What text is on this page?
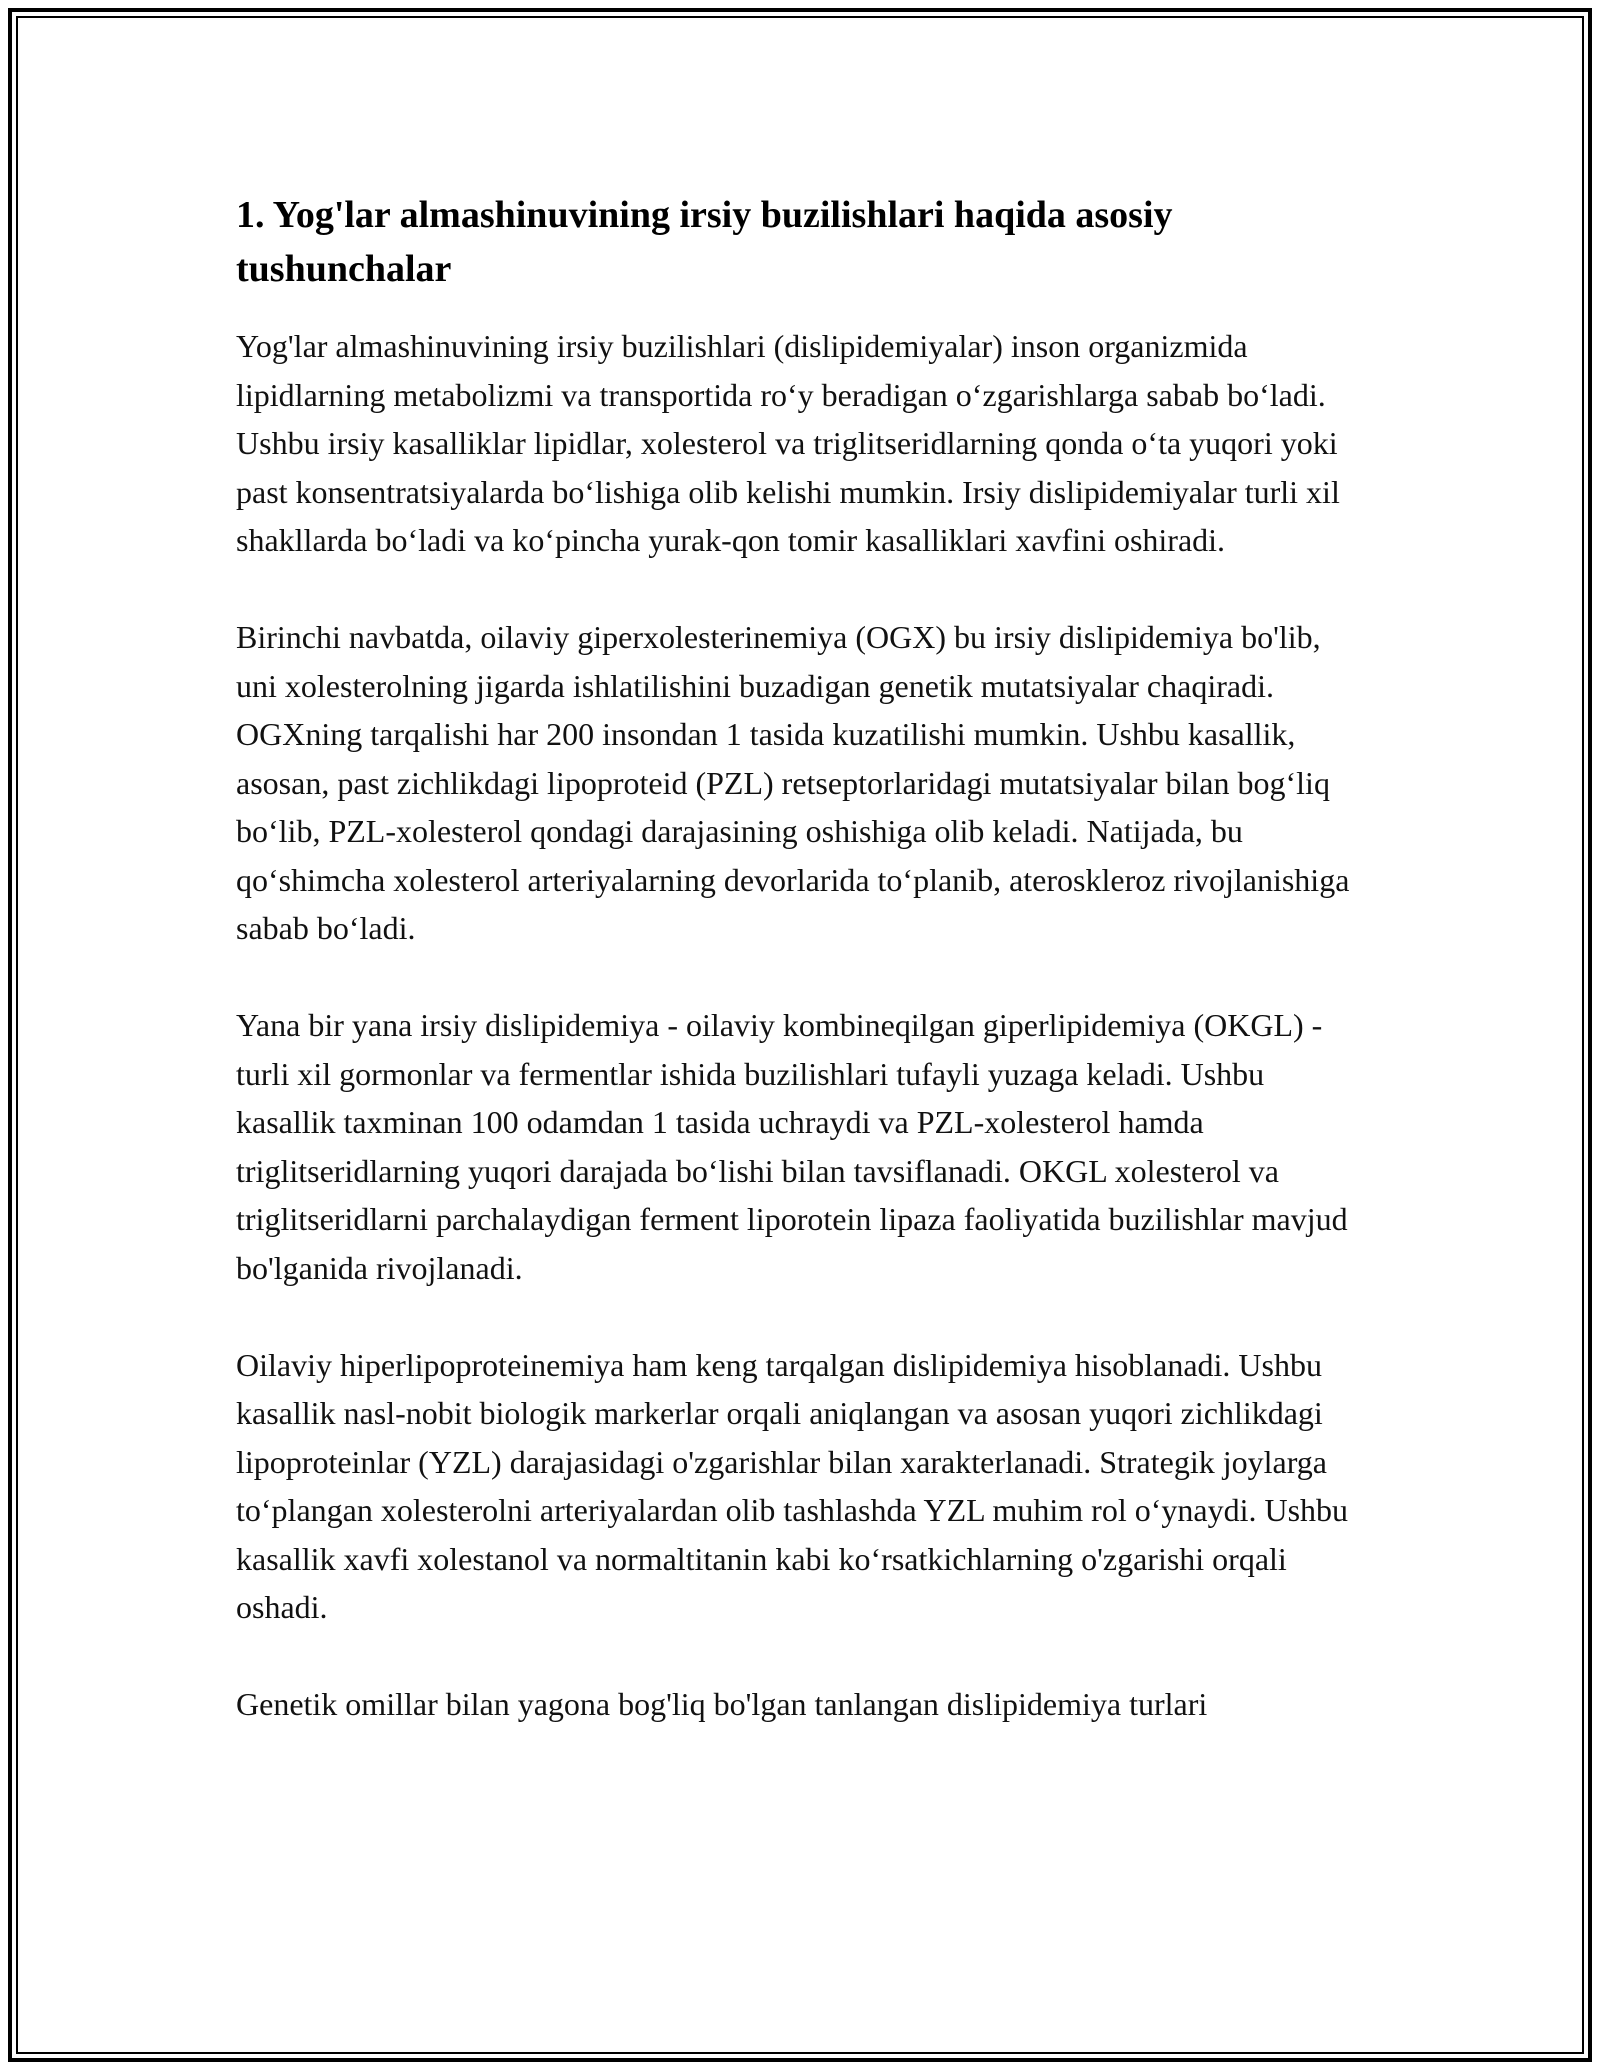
1. Yog'lar almashinuvining irsiy buzilishlari haqida asosiy tushunchalar

Yog'lar almashinuvining irsiy buzilishlari (dislipidemiyalar) inson organizmida lipidlarning metabolizmi va transportida roʻy beradigan oʻzgarishlarga sabab boʻladi. Ushbu irsiy kasalliklar lipidlar, xolesterol va triglitseridlarning qonda oʻta yuqori yoki past konsentratsiyalarda boʻlishiga olib kelishi mumkin. Irsiy dislipidemiyalar turli xil shakllarda boʻladi va koʻpincha yurak-qon tomir kasalliklari xavfini oshiradi.

Birinchi navbatda, oilaviy giperxolesterinemiya (OGX) bu irsiy dislipidemiya bo'lib, uni xolesterolning jigarda ishlatilishini buzadigan genetik mutatsiyalar chaqiradi. OGXning tarqalishi har 200 insondan 1 tasida kuzatilishi mumkin. Ushbu kasallik, asosan, past zichlikdagi lipoproteid (PZL) retseptorlaridagi mutatsiyalar bilan bogʻliq boʻlib, PZL-xolesterol qondagi darajasining oshishiga olib keladi. Natijada, bu qoʻshimcha xolesterol arteriyalarning devorlarida toʻplanib, ateroskleroz rivojlanishiga sabab boʻladi.

Yana bir yana irsiy dislipidemiya - oilaviy kombineqilgan giperlipidemiya (OKGL) - turli xil gormonlar va fermentlar ishida buzilishlari tufayli yuzaga keladi. Ushbu kasallik taxminan 100 odamdan 1 tasida uchraydi va PZL-xolesterol hamda triglitseridlarning yuqori darajada boʻlishi bilan tavsiflanadi. OKGL xolesterol va triglitseridlarni parchalaydigan ferment liporotein lipaza faoliyatida buzilishlar mavjud bo'lganida rivojlanadi.

Oilaviy hiperlipoproteinemiya ham keng tarqalgan dislipidemiya hisoblanadi. Ushbu kasallik nasl-nobit biologik markerlar orqali aniqlangan va asosan yuqori zichlikdagi lipoproteinlar (YZL) darajasidagi o'zgarishlar bilan xarakterlanadi. Strategik joylarga toʻplangan xolesterolni arteriyalardan olib tashlashda YZL muhim rol oʻynaydi. Ushbu kasallik xavfi xolestanol va normaltitanin kabi koʻrsatkichlarning o'zgarishi orqali oshadi.

Genetik omillar bilan yagona bog'liq bo'lgan tanlangan dislipidemiya turlari
